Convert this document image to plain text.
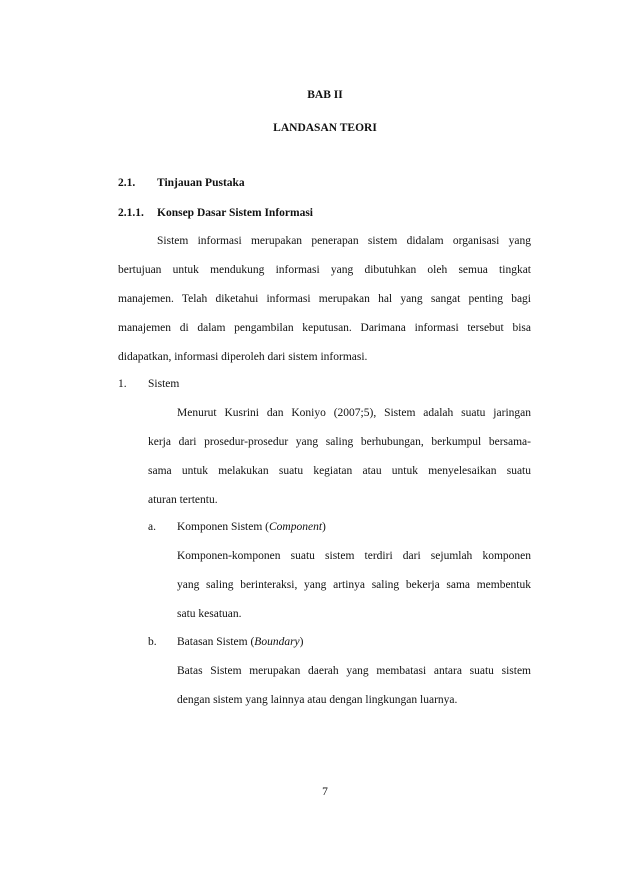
BAB II
LANDASAN TEORI
2.1. Tinjauan Pustaka
2.1.1. Konsep Dasar Sistem Informasi
Sistem informasi merupakan penerapan sistem didalam organisasi yang
bertujuan untuk mendukung informasi yang dibutuhkan oleh semua tingkat
manajemen. Telah diketahui informasi merupakan hal yang sangat penting bagi
manajemen di dalam pengambilan keputusan. Darimana informasi tersebut bisa
didapatkan, informasi diperoleh dari sistem informasi.
1. Sistem
Menurut Kusrini dan Koniyo (2007;5), Sistem adalah suatu jaringan
kerja dari prosedur-prosedur yang saling berhubungan, berkumpul bersama-
sama untuk melakukan suatu kegiatan atau untuk menyelesaikan suatu
aturan tertentu.
a. Komponen Sistem (Component)
Komponen-komponen suatu sistem terdiri dari sejumlah komponen
yang saling berinteraksi, yang artinya saling bekerja sama membentuk
satu kesatuan.
b. Batasan Sistem (Boundary)
Batas Sistem merupakan daerah yang membatasi antara suatu sistem
dengan sistem yang lainnya atau dengan lingkungan luarnya.
7
